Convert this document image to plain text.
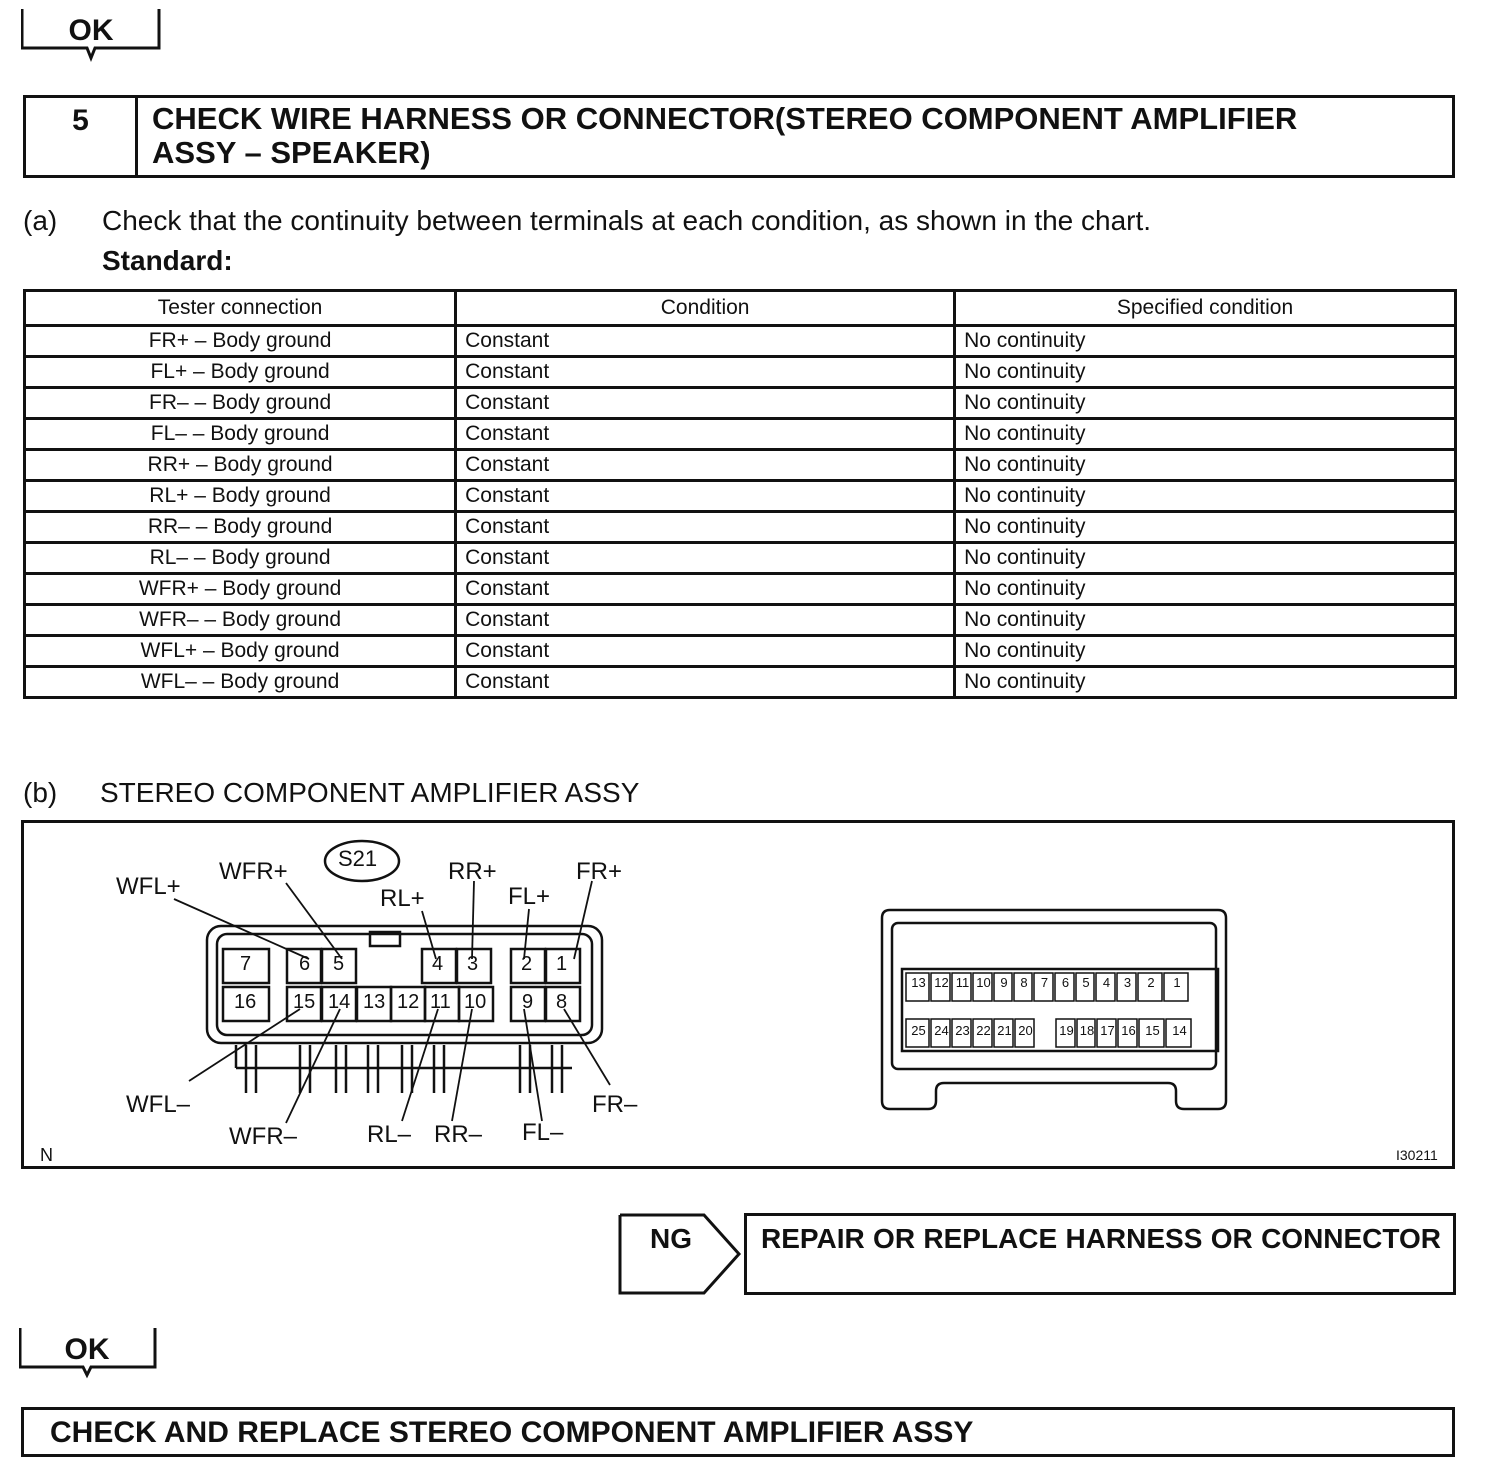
OK
5	CHECK WIRE HARNESS OR CONNECTOR(STEREO COMPONENT AMPLIFIER
ASSY – SPEAKER)
(a) Check that the continuity between terminals at each condition, as shown in the chart.
Standard:
Tester connection	Condition	Specified condition
FR+ – Body ground	Constant	No continuity
FL+ – Body ground	Constant	No continuity
FR– – Body ground	Constant	No continuity
FL– – Body ground	Constant	No continuity
RR+ – Body ground	Constant	No continuity
RL+ – Body ground	Constant	No continuity
RR– – Body ground	Constant	No continuity
RL– – Body ground	Constant	No continuity
WFR+ – Body ground	Constant	No continuity
WFR– – Body ground	Constant	No continuity
WFL+ – Body ground	Constant	No continuity
WFL– – Body ground	Constant	No continuity
(b) STEREO COMPONENT AMPLIFIER ASSY
7 6 5	4 3 2 1
16 15 14 13 12 11 10 9 8
S21
WFL+
WFR+
RL+
RR+
FL+
FR+
WFL–
WFR–	RL– RR– FL–
FR–
13 12 11 10 9 8	7	6	5	4	3	2	1
25 24 23 22 21 20 19 18 17 16 15 14
N	I30211
NG REPAIR OR REPLACE HARNESS OR CONNECTOR
OK
CHECK AND REPLACE STEREO COMPONENT AMPLIFIER ASSY
